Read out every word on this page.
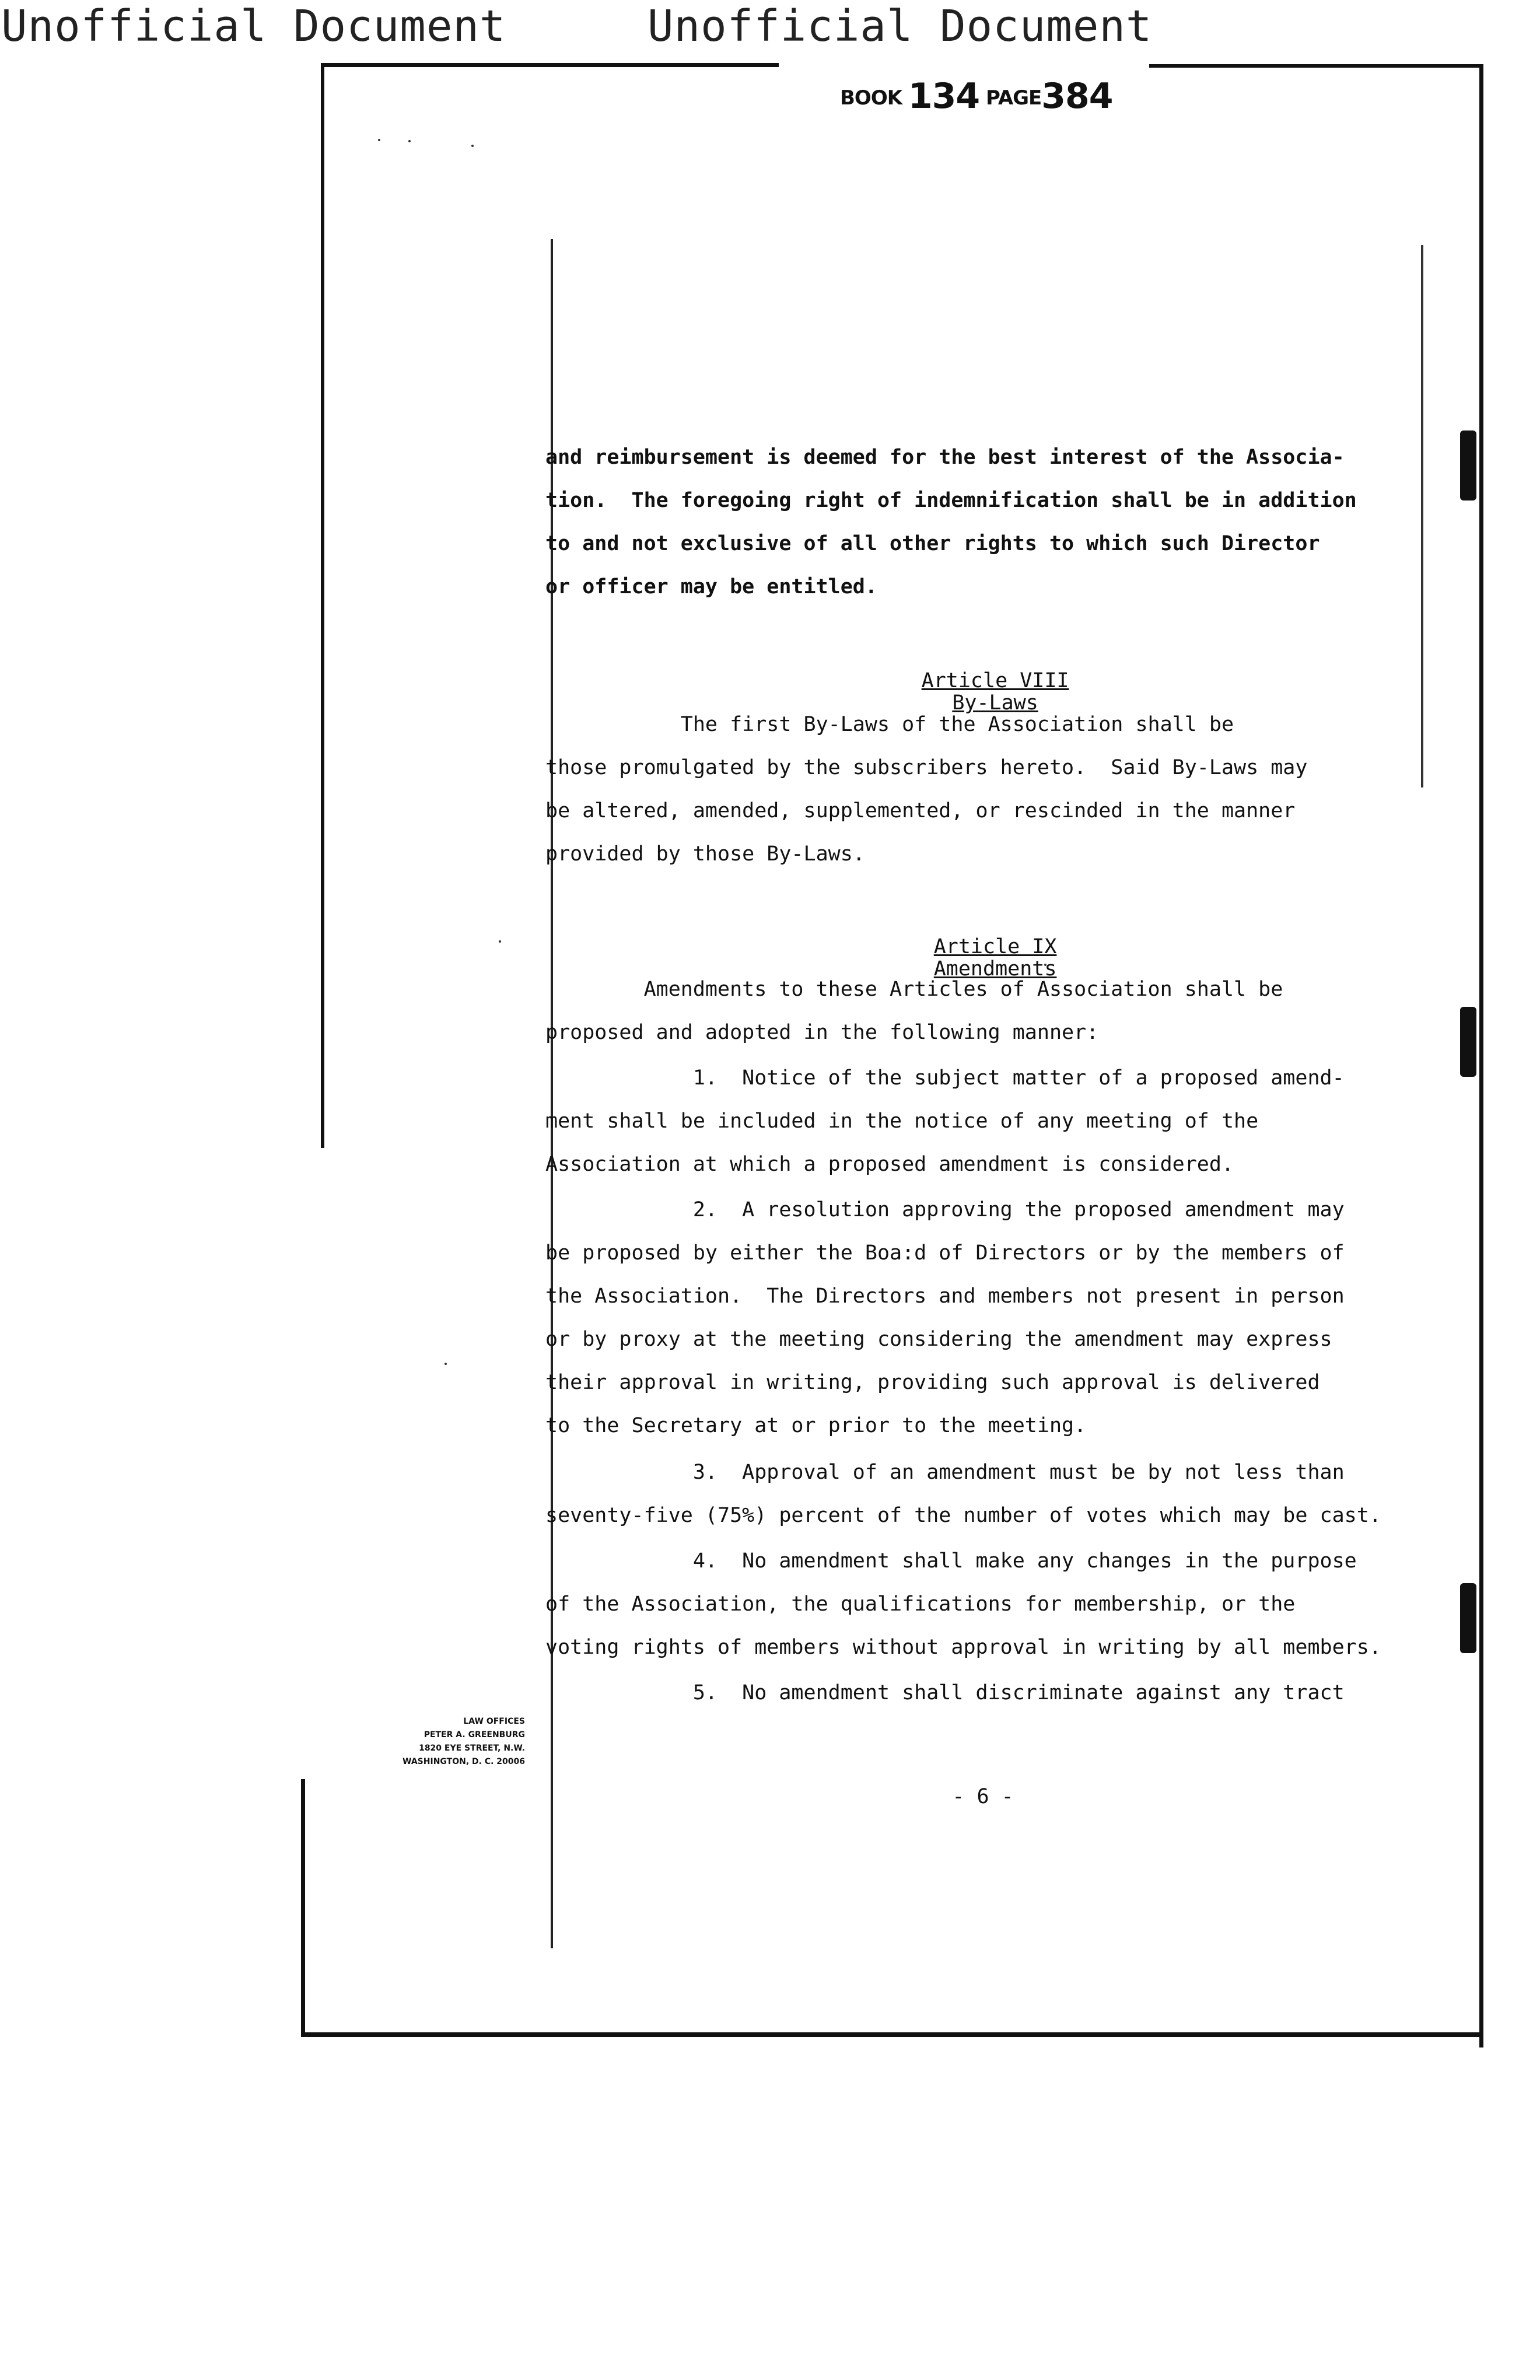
Unofficial Document	Unofficial Document
BOOK 134 PAGE384
and reimbursement is deemed for the best interest of the Associa-
tion.  The foregoing right of indemnification shall be in addition
to and not exclusive of all other rights to which such Director
or officer may be entitled.

Article VIII

By-Laws

The first By-Laws of the Association shall be
those promulgated by the subscribers hereto.  Said By-Laws may
be altered, amended, supplemented, or rescinded in the manner
provided by those By-Laws.

Article IX

Amendments

Amendments to these Articles of Association shall be
proposed and adopted in the following manner:
1.  Notice of the subject matter of a proposed amend-
ment shall be included in the notice of any meeting of the
Association at which a proposed amendment is considered.
2.  A resolution approving the proposed amendment may
be proposed by either the Boa:d of Directors or by the members of
the Association.  The Directors and members not present in person
or by proxy at the meeting considering the amendment may express
their approval in writing, providing such approval is delivered
to the Secretary at or prior to the meeting.
3.  Approval of an amendment must be by not less than
seventy-five (75%) percent of the number of votes which may be cast.
4.  No amendment shall make any changes in the purpose
of the Association, the qualifications for membership, or the
voting rights of members without approval in writing by all members.
5.  No amendment shall discriminate against any tract
LAW OFFICES
PETER A. GREENBURG
1820 EYE STREET, N.W.
WASHINGTON, D. C. 20006
- 6 -
